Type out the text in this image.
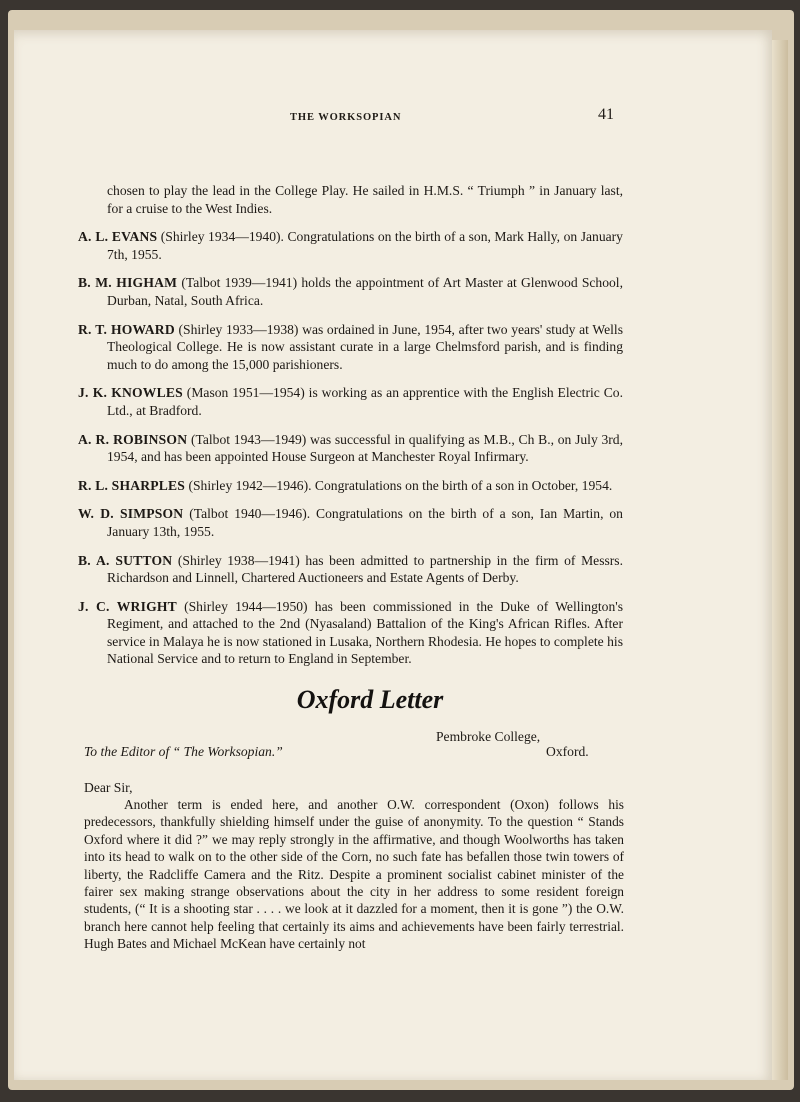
THE WORKSOPIAN	41

chosen to play the lead in the College Play. He sailed in H.M.S. “ Triumph ” in January last, for a cruise to the West Indies.

A. L. EVANS (Shirley 1934—1940). Congratulations on the birth of a son, Mark Hally, on January 7th, 1955.

B. M. HIGHAM (Talbot 1939—1941) holds the appointment of Art Master at Glenwood School, Durban, Natal, South Africa.

R. T. HOWARD (Shirley 1933—1938) was ordained in June, 1954, after two years' study at Wells Theological College. He is now assistant curate in a large Chelmsford parish, and is finding much to do among the 15,000 parishioners.

J. K. KNOWLES (Mason 1951—1954) is working as an apprentice with the English Electric Co. Ltd., at Bradford.

A. R. ROBINSON (Talbot 1943—1949) was successful in qualifying as M.B., Ch B., on July 3rd, 1954, and has been appointed House Surgeon at Manchester Royal Infirmary.

R. L. SHARPLES (Shirley 1942—1946). Congratulations on the birth of a son in October, 1954.

W. D. SIMPSON (Talbot 1940—1946). Congratulations on the birth of a son, Ian Martin, on January 13th, 1955.

B. A. SUTTON (Shirley 1938—1941) has been admitted to partnership in the firm of Messrs. Richardson and Linnell, Chartered Auctioneers and Estate Agents of Derby.

J. C. WRIGHT (Shirley 1944—1950) has been commissioned in the Duke of Wellington's Regiment, and attached to the 2nd (Nyasaland) Battalion of the King's African Rifles. After service in Malaya he is now stationed in Lusaka, Northern Rhodesia. He hopes to complete his National Service and to return to England in September.

Oxford Letter
Pembroke College,
Oxford.
To the Editor of “ The Worksopian.”
Dear Sir,
Another term is ended here, and another O.W. correspondent (Oxon) follows his predecessors, thankfully shielding himself under the guise of anonymity. To the question “ Stands Oxford where it did ?” we may reply strongly in the affirmative, and though Woolworths has taken into its head to walk on to the other side of the Corn, no such fate has befallen those twin towers of liberty, the Radcliffe Camera and the Ritz. Despite a prominent socialist cabinet minister of the fairer sex making strange observations about the city in her address to some resident foreign students, (“ It is a shooting star . . . . we look at it dazzled for a moment, then it is gone ”) the O.W. branch here cannot help feeling that certainly its aims and achievements have been fairly terrestrial. Hugh Bates and Michael McKean have certainly not
